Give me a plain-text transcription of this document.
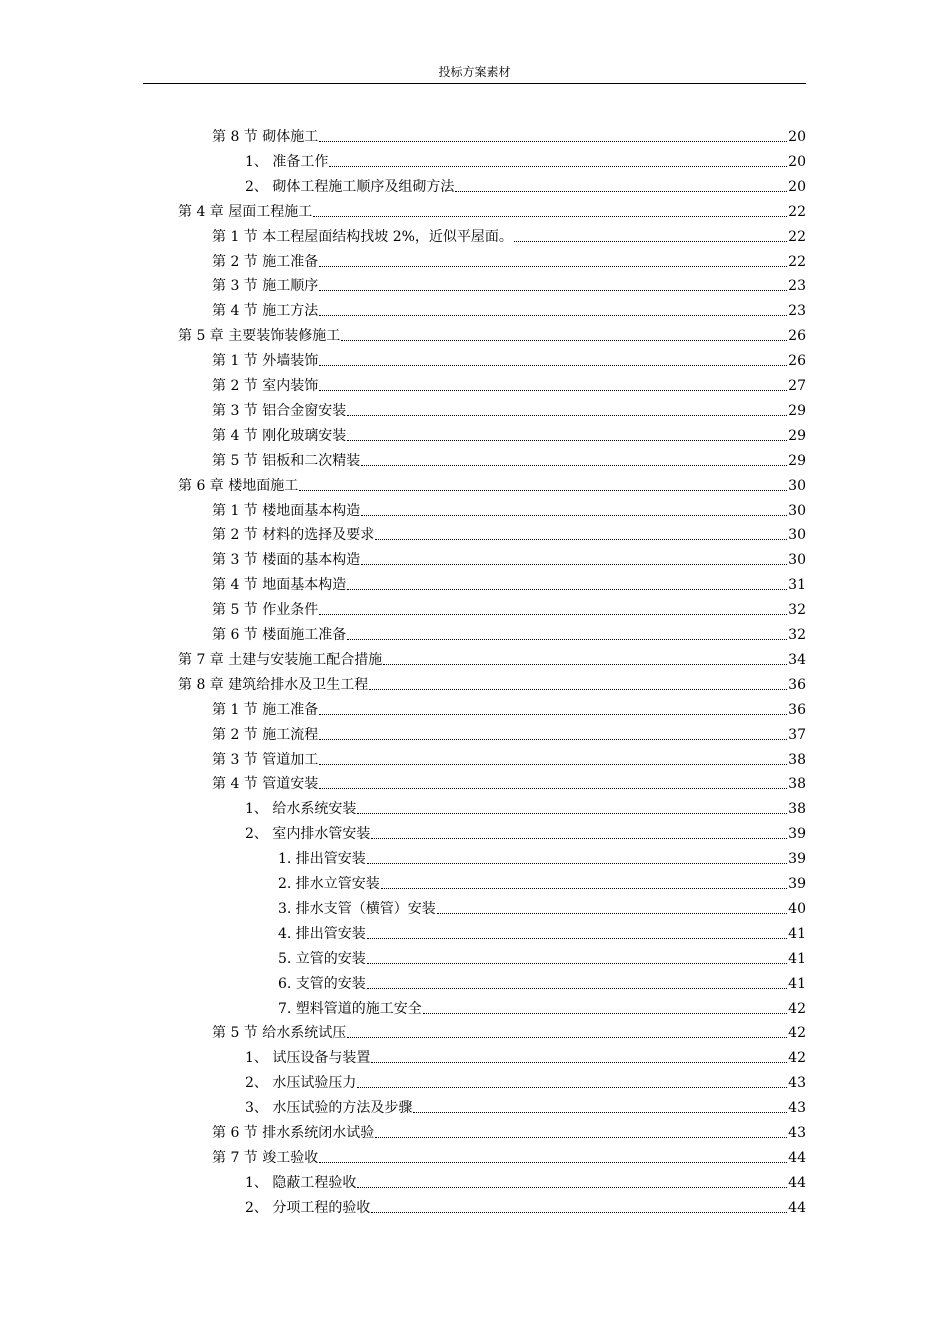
投标方案素材
第 8 节 砌体施工	20
1、 准备工作	20
2、 砌体工程施工顺序及组砌方法	20
第 4 章 屋面工程施工	22
第 1 节 本工程屋面结构找坡 2%，近似平屋面。	22
第 2 节 施工准备	22
第 3 节 施工顺序	23
第 4 节 施工方法	23
第 5 章 主要装饰装修施工	26
第 1 节 外墙装饰	26
第 2 节 室内装饰	27
第 3 节 铝合金窗安装	29
第 4 节 刚化玻璃安装	29
第 5 节 铝板和二次精装	29
第 6 章 楼地面施工	30
第 1 节 楼地面基本构造	30
第 2 节 材料的选择及要求	30
第 3 节 楼面的基本构造	30
第 4 节 地面基本构造	31
第 5 节 作业条件	32
第 6 节 楼面施工准备	32
第 7 章 土建与安装施工配合措施	34
第 8 章 建筑给排水及卫生工程	36
第 1 节 施工准备	36
第 2 节 施工流程	37
第 3 节 管道加工	38
第 4 节 管道安装	38
1、 给水系统安装	38
2、 室内排水管安装	39
1. 排出管安装	39
2. 排水立管安装	39
3. 排水支管（横管）安装	40
4. 排出管安装	41
5. 立管的安装	41
6. 支管的安装	41
7. 塑料管道的施工安全	42
第 5 节 给水系统试压	42
1、 试压设备与装置	42
2、 水压试验压力	43
3、 水压试验的方法及步骤	43
第 6 节 排水系统闭水试验	43
第 7 节 竣工验收	44
1、 隐蔽工程验收	44
2、 分项工程的验收	44
